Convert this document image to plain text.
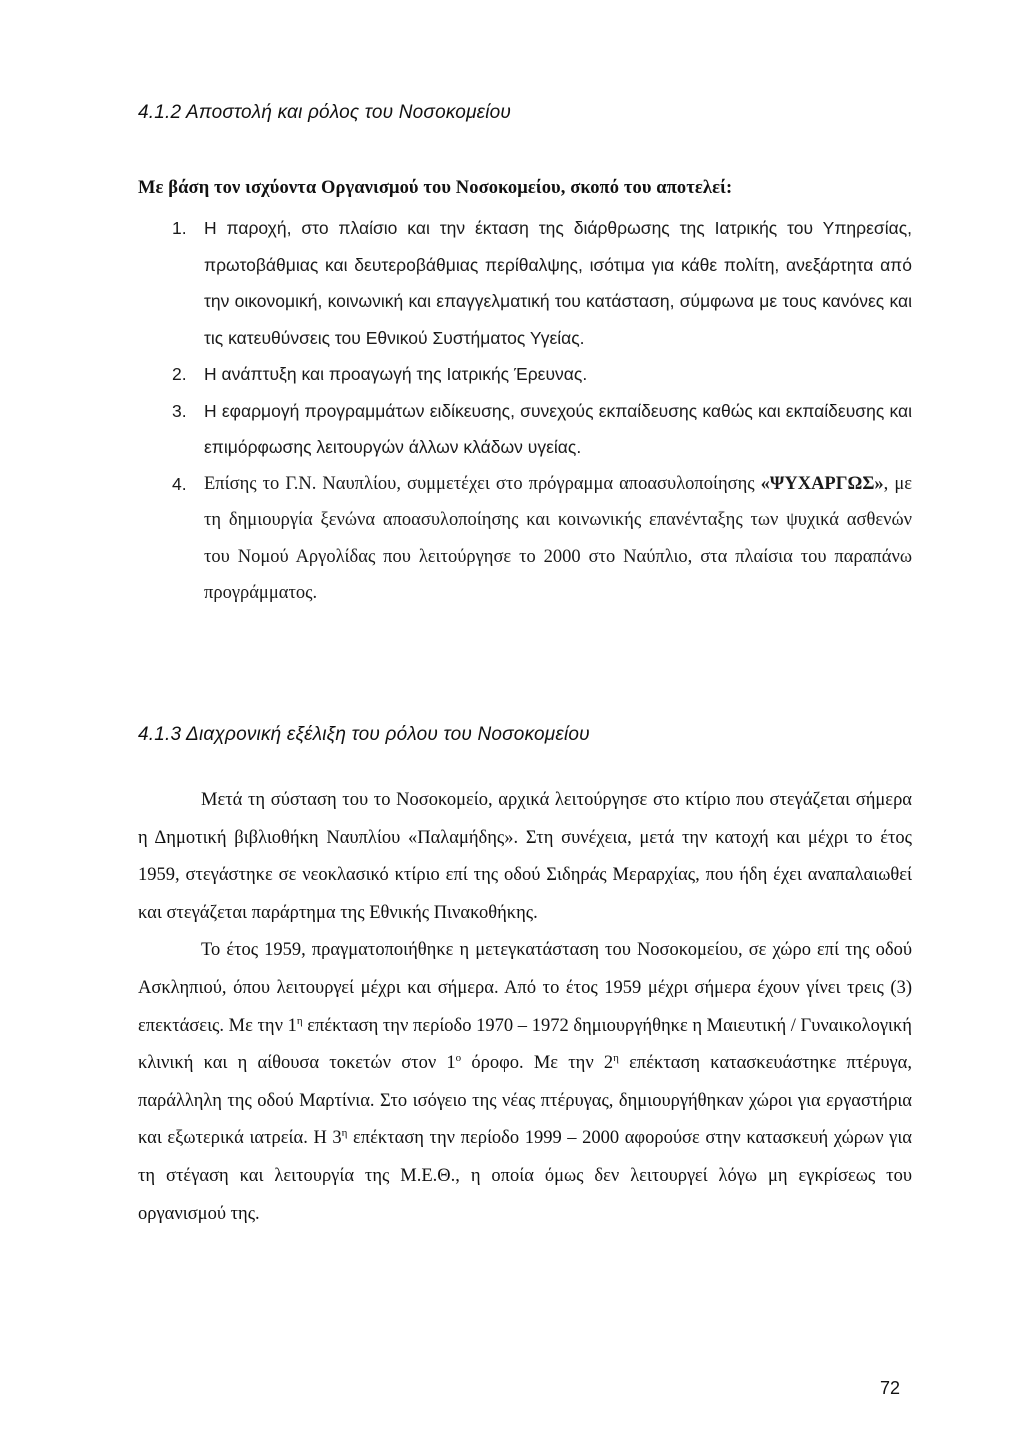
4.1.2 Αποστολή και ρόλος του Νοσοκομείου
Με βάση τον ισχύοντα Οργανισμού του Νοσοκομείου, σκοπό του αποτελεί:
1. Η παροχή, στο πλαίσιο και την έκταση της διάρθρωσης της Ιατρικής του Υπηρεσίας, πρωτοβάθμιας και δευτεροβάθμιας περίθαλψης, ισότιμα για κάθε πολίτη, ανεξάρτητα από την οικονομική, κοινωνική και επαγγελματική του κατάσταση, σύμφωνα με τους κανόνες και τις κατευθύνσεις του Εθνικού Συστήματος Υγείας.
2. Η ανάπτυξη και προαγωγή της Ιατρικής Έρευνας.
3. Η εφαρμογή προγραμμάτων ειδίκευσης, συνεχούς εκπαίδευσης καθώς και εκπαίδευσης και επιμόρφωσης λειτουργών άλλων κλάδων υγείας.
4. Επίσης το Γ.Ν. Ναυπλίου, συμμετέχει στο πρόγραμμα αποασυλοποίησης «ΨΥΧΑΡΓΩΣ», με τη δημιουργία ξενώνα αποασυλοποίησης και κοινωνικής επανένταξης των ψυχικά ασθενών του Νομού Αργολίδας που λειτούργησε το 2000 στο Ναύπλιο, στα πλαίσια του παραπάνω προγράμματος.
4.1.3 Διαχρονική εξέλιξη του ρόλου του Νοσοκομείου

Μετά τη σύσταση του το Νοσοκομείο, αρχικά λειτούργησε στο κτίριο που στεγάζεται σήμερα η Δημοτική βιβλιοθήκη Ναυπλίου «Παλαμήδης». Στη συνέχεια, μετά την κατοχή και μέχρι το έτος 1959, στεγάστηκε σε νεοκλασικό κτίριο επί της οδού Σιδηράς Μεραρχίας, που ήδη έχει αναπαλαιωθεί και στεγάζεται παράρτημα της Εθνικής Πινακοθήκης.

Το έτος 1959, πραγματοποιήθηκε η μετεγκατάσταση του Νοσοκομείου, σε χώρο επί της οδού Ασκληπιού, όπου λειτουργεί μέχρι και σήμερα. Από το έτος 1959 μέχρι σήμερα έχουν γίνει τρεις (3) επεκτάσεις. Με την $1^\eta$ επέκταση την περίοδο 1970 – 1972 δημιουργήθηκε η Μαιευτική / Γυναικολογική κλινική και η αίθουσα τοκετών στον $1^o$ όροφο. Με την $2^\eta$ επέκταση κατασκευάστηκε πτέρυγα, παράλληλη της οδού Μαρτίνια. Στο ισόγειο της νέας πτέρυγας, δημιουργήθηκαν χώροι για εργαστήρια και εξωτερικά ιατρεία. Η $3^\eta$ επέκταση την περίοδο 1999 – 2000 αφορούσε στην κατασκευή χώρων για τη στέγαση και λειτουργία της Μ.Ε.Θ., η οποία όμως δεν λειτουργεί λόγω μη εγκρίσεως του οργανισμού της.

72
